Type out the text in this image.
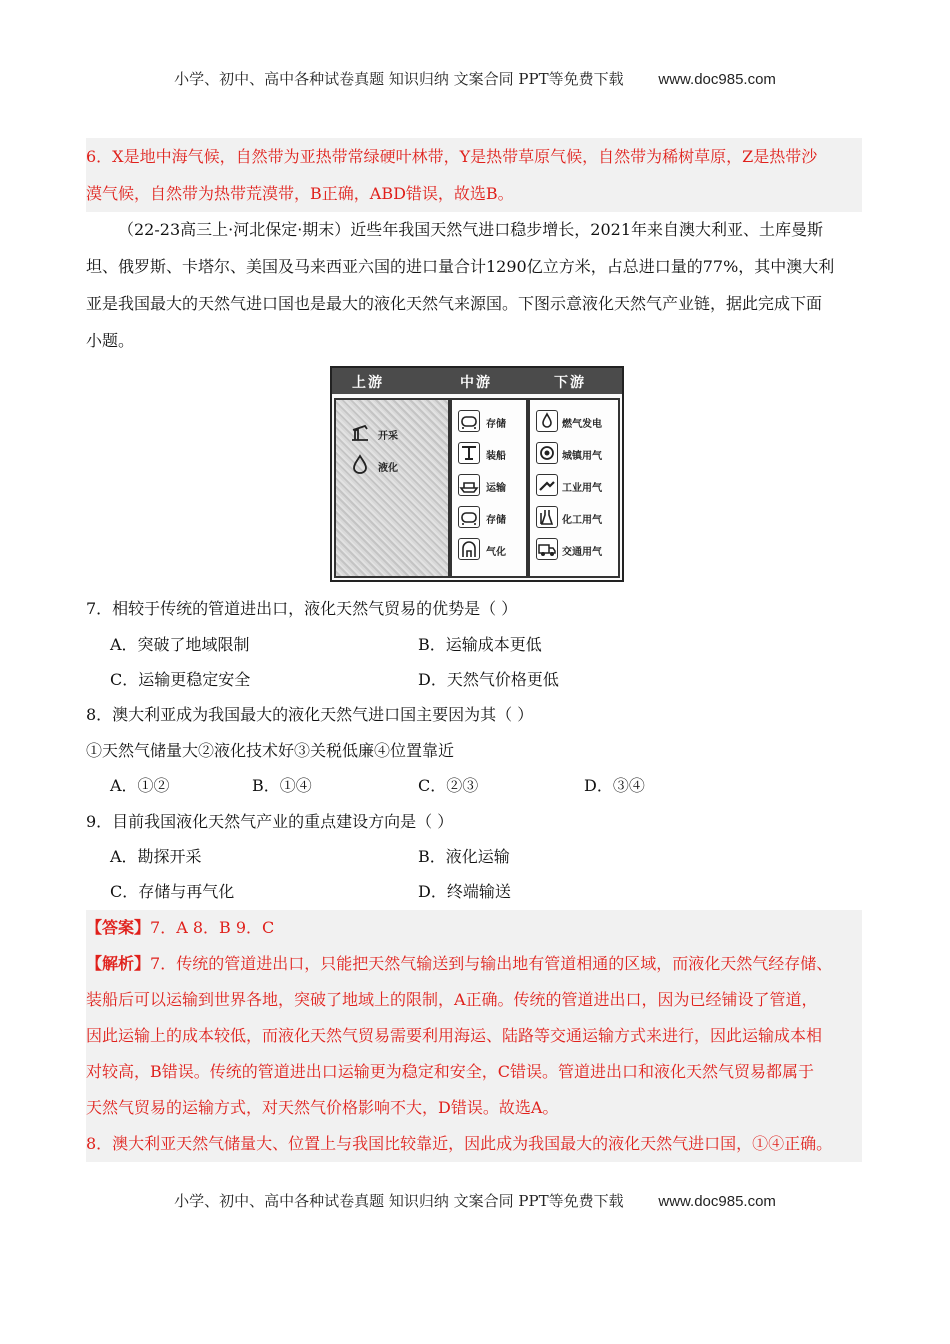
小学、初中、高中各种试卷真题 知识归纳 文案合同 PPT等免费下载 www.doc985.com
6．X是地中海气候，自然带为亚热带常绿硬叶林带，Y是热带草原气候，自然带为稀树草原，Z是热带沙
漠气候，自然带为热带荒漠带，B正确，ABD错误，故选B。
（22-23高三上·河北保定·期末）近些年我国天然气进口稳步增长，2021年来自澳大利亚、土库曼斯
坦、俄罗斯、卡塔尔、美国及马来西亚六国的进口量合计1290亿立方米，占总进口量的77%，其中澳大利
亚是我国最大的天然气进口国也是最大的液化天然气来源国。下图示意液化天然气产业链，据此完成下面
小题。
上游	中游	下游
开采
液化
存储
装船
运输
存储
气化
燃气发电
城镇用气
工业用气
化工用气
交通用气
7．相较于传统的管道进出口，液化天然气贸易的优势是（ ）
A．突破了地域限制	B．运输成本更低
C．运输更稳定安全	D．天然气价格更低
8．澳大利亚成为我国最大的液化天然气进口国主要因为其（ ）
①天然气储量大②液化技术好③关税低廉④位置靠近
A．①②	B．①④	C．②③	D．③④
9．目前我国液化天然气产业的重点建设方向是（ ）
A．勘探开采	B．液化运输
C．存储与再气化	D．终端输送
【答案】7．A 8．B 9．C
【解析】7．传统的管道进出口，只能把天然气输送到与输出地有管道相通的区域，而液化天然气经存储、
装船后可以运输到世界各地，突破了地域上的限制，A正确。传统的管道进出口，因为已经铺设了管道，
因此运输上的成本较低，而液化天然气贸易需要利用海运、陆路等交通运输方式来进行，因此运输成本相
对较高，B错误。传统的管道进出口运输更为稳定和安全，C错误。管道进出口和液化天然气贸易都属于
天然气贸易的运输方式，对天然气价格影响不大，D错误。故选A。
8．澳大利亚天然气储量大、位置上与我国比较靠近，因此成为我国最大的液化天然气进口国，①④正确。
小学、初中、高中各种试卷真题 知识归纳 文案合同 PPT等免费下载 www.doc985.com
